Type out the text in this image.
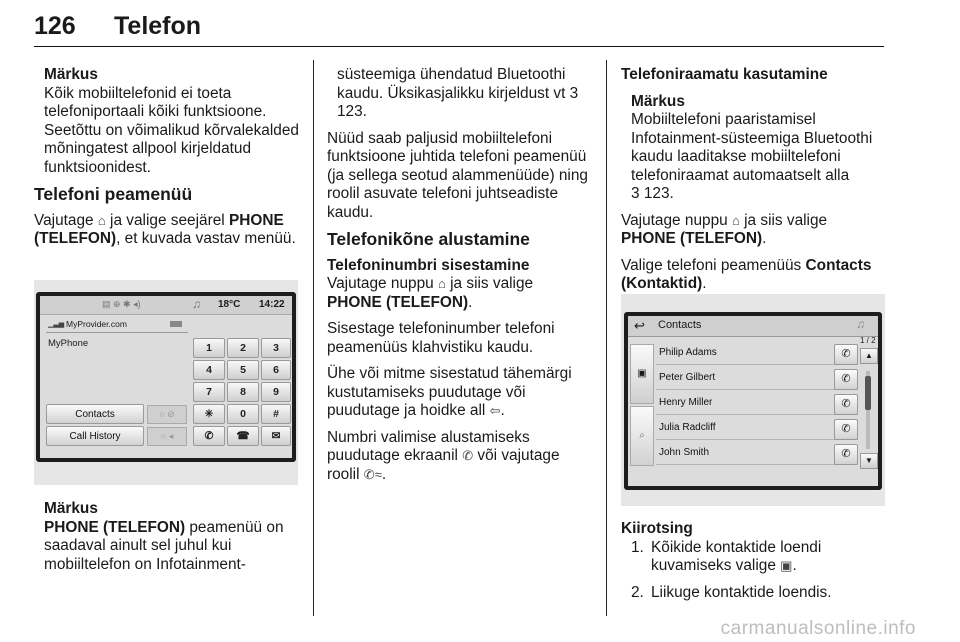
126 Telefon
Märkus
Kõik mobiiltelefonid ei toeta telefoniportaali kõiki funktsioone. Seetõttu on võimalikud kõrvalekalded mõningatest allpool kirjeldatud funktsioonidest.
Telefoni peamenüü

Vajutage ⌂ ja valige seejärel PHONE (TELEFON), et kuvada vastav menüü.

▤ ⊕ ✱ ◂)	♫ 18°C 14:22
▁▃▅ MyProvider.com
MyPhone	1	2	3
4	5	6
7	8	9
✳	0	#
✆	☎	✉
Contacts
Call History
○ ⊘
○ ◂
Märkus
PHONE (TELEFON) peamenüü on saadaval ainult sel juhul kui mobiiltelefon on Infotainment-

süsteemiga ühendatud Bluetoothi kaudu. Üksikasjalikku kirjeldust vt 3 123.

Nüüd saab paljusid mobiiltelefoni funktsioone juhtida telefoni peamenüü (ja sellega seotud alammenüüde) ning roolil asuvate telefoni juhtseadiste kaudu.

Telefonikõne alustamine
Telefoninumbri sisestamine

Vajutage nuppu ⌂ ja siis valige PHONE (TELEFON).

Sisestage telefoninumber telefoni peamenüüs klahvistiku kaudu.

Ühe või mitme sisestatud tähemärgi kustutamiseks puudutage või puudutage ja hoidke all ⇦.

Numbri valimise alustamiseks puudutage ekraanil ✆ või vajutage roolil ✆≈.

Telefoniraamatu kasutamine
Märkus
Mobiiltelefoni paaristamisel Infotainment-süsteemiga Bluetoothi kaudu laaditakse mobiiltelefoni telefoniraamat automaatselt alla
3 123.

Vajutage nuppu ⌂ ja siis valige PHONE (TELEFON).

Valige telefoni peamenüüs Contacts (Kontaktid).

↩ Contacts	♫
▣
⌕
Philip Adams	✆
Peter Gilbert	✆
Henry Miller	✆
Julia Radcliff	✆
John Smith	✆
1 / 2
▲
▼
Kiirotsing
1. Kõikide kontaktide loendi kuvamiseks valige ▣.
2. Liikuge kontaktide loendis.
carmanualsonline.info
